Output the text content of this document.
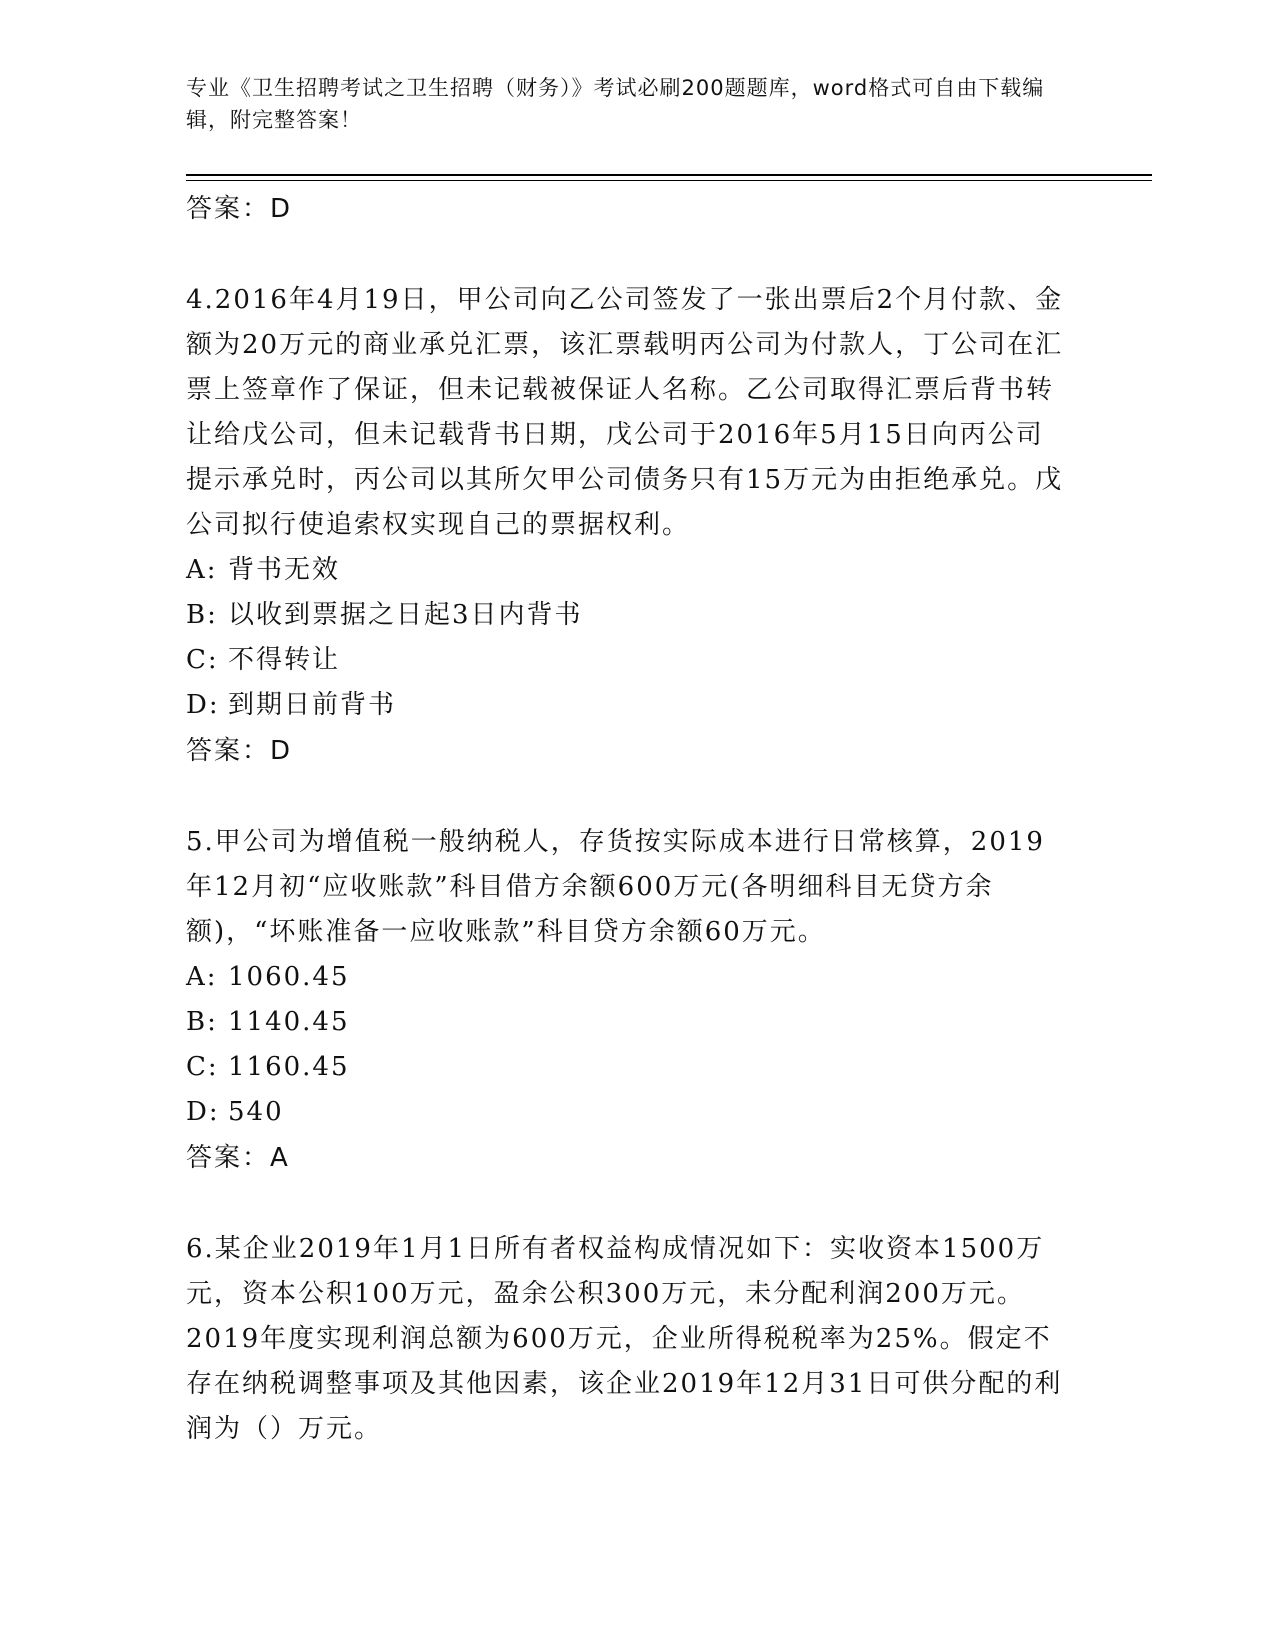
专业《卫生招聘考试之卫生招聘（财务）》考试必刷200题题库，word格式可自由下载编辑，附完整答案！
答案：D
4.2016年4月19日，甲公司向乙公司签发了一张出票后2个月付款、金额为20万元的商业承兑汇票，该汇票载明丙公司为付款人，丁公司在汇票上签章作了保证，但未记载被保证人名称。乙公司取得汇票后背书转让给戊公司，但未记载背书日期，戊公司于2016年5月15日向丙公司提示承兑时，丙公司以其所欠甲公司债务只有15万元为由拒绝承兑。戊公司拟行使追索权实现自己的票据权利。
A: 背书无效
B: 以收到票据之日起3日内背书
C: 不得转让
D: 到期日前背书
答案：D
5.甲公司为增值税一般纳税人，存货按实际成本进行日常核算，2019年12月初“应收账款”科目借方余额600万元(各明细科目无贷方余额)，“坏账准备一应收账款”科目贷方余额60万元。
A: 1060.45
B: 1140.45
C: 1160.45
D: 540
答案：A
6.某企业2019年1月1日所有者权益构成情况如下：实收资本1500万元，资本公积100万元，盈余公积300万元，未分配利润200万元。2019年度实现利润总额为600万元，企业所得税税率为25%。假定不存在纳税调整事项及其他因素，该企业2019年12月31日可供分配的利润为（）万元。
